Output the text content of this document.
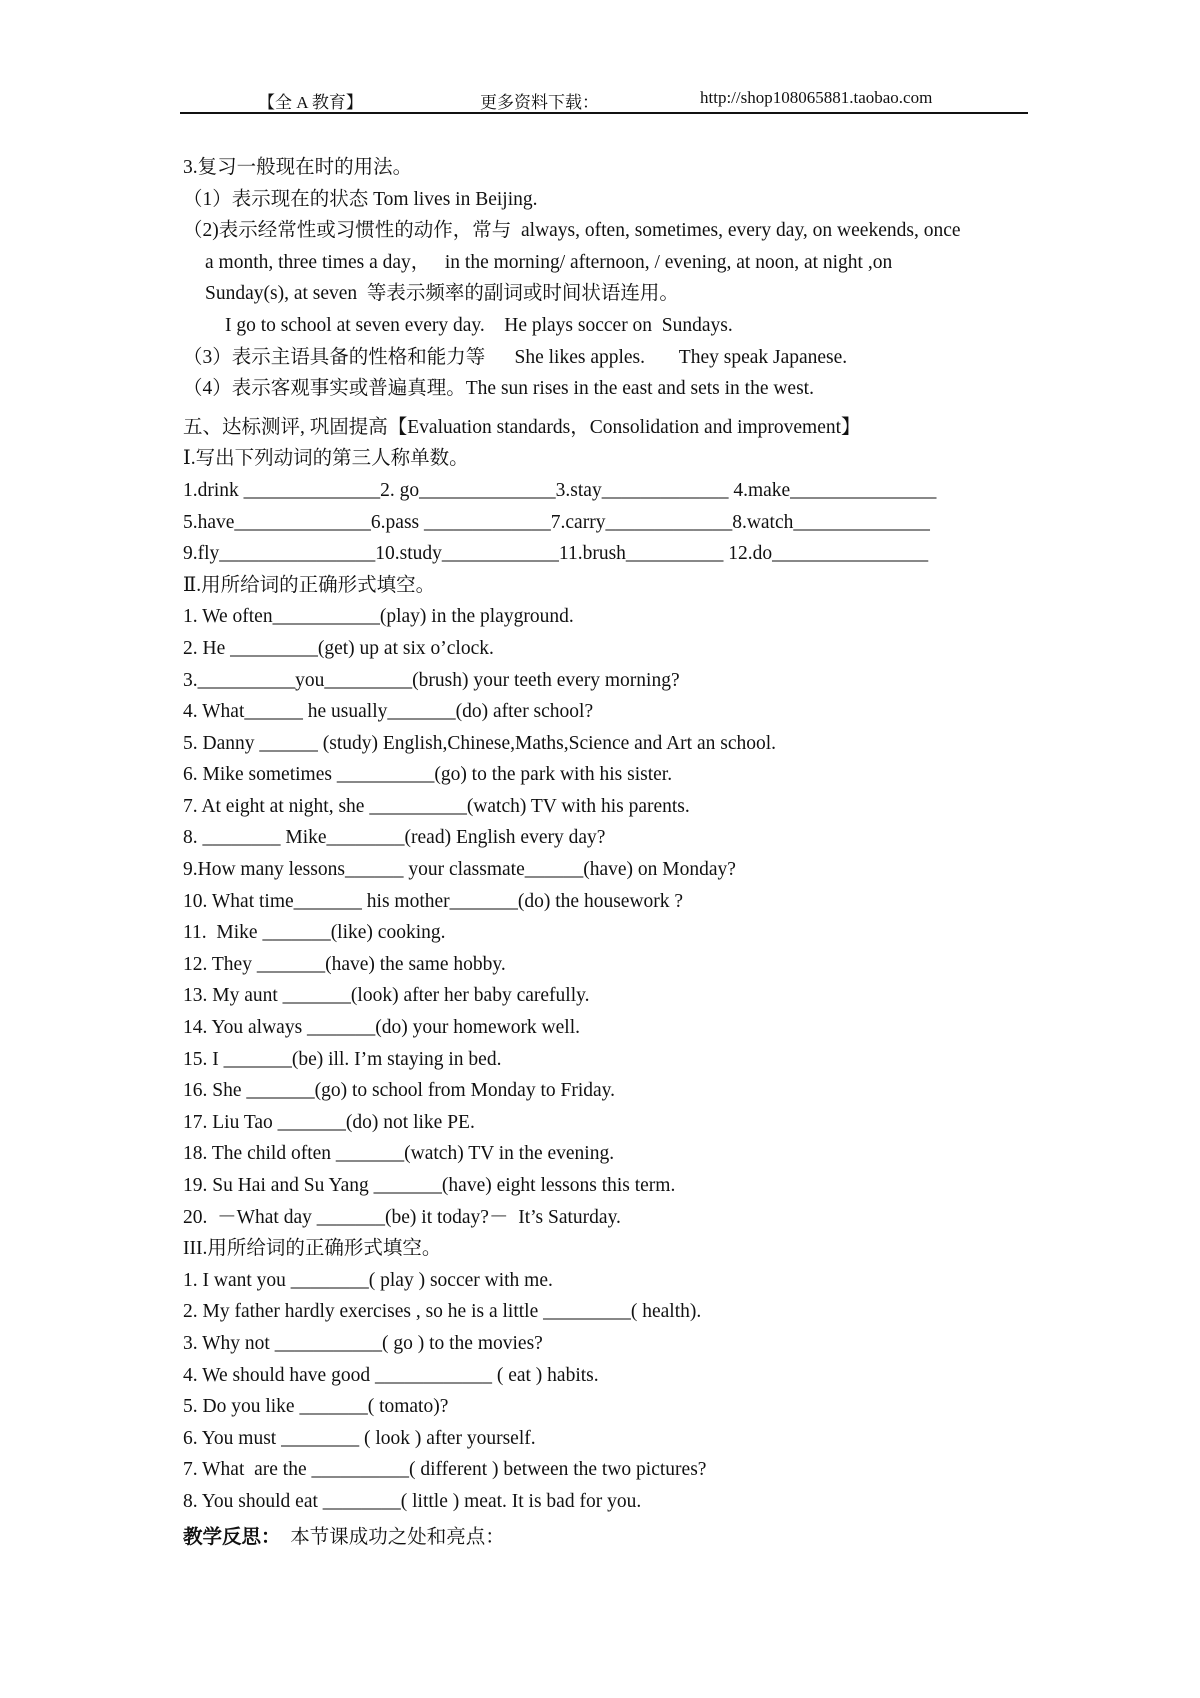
【全 A 教育】	更多资料下载：	http://shop108065881.taobao.com
3.复习一般现在时的用法。
（1）表示现在的状态 Tom lives in Beijing.
（2)表示经常性或习惯性的动作，常与  always, often, sometimes, every day, on weekends, once
a month, three times a day，   in the morning/ afternoon, / evening, at noon, at night ,on
Sunday(s), at seven  等表示频率的副词或时间状语连用。
I go to school at seven every day.    He plays soccer on  Sundays.
（3）表示主语具备的性格和能力等      She likes apples.       They speak Japanese.
（4）表示客观事实或普遍真理。The sun rises in the east and sets in the west.
五、达标测评, 巩固提高【Evaluation standards，Consolidation and improvement】
Ⅰ.写出下列动词的第三人称单数。
1.drink ______________2. go______________3.stay_____________ 4.make_______________
5.have______________6.pass _____________7.carry_____________8.watch______________
9.fly________________10.study____________11.brush__________ 12.do________________
Ⅱ.用所给词的正确形式填空。
1. We often___________(play) in the playground.
2. He _________(get) up at six o’clock.
3.__________you_________(brush) your teeth every morning?
4. What______ he usually_______(do) after school?
5. Danny ______ (study) English,Chinese,Maths,Science and Art an school.
6. Mike sometimes __________(go) to the park with his sister.
7. At eight at night, she __________(watch) TV with his parents.
8. ________ Mike________(read) English every day?
9.How many lessons______ your classmate______(have) on Monday?
10. What time_______ his mother_______(do) the housework ?
11.  Mike _______(like) cooking.
12. They _______(have) the same hobby.
13. My aunt _______(look) after her baby carefully.
14. You always _______(do) your homework well.
15. I _______(be) ill. I’m staying in bed.
16. She _______(go) to school from Monday to Friday.
17. Liu Tao _______(do) not like PE.
18. The child often _______(watch) TV in the evening.
19. Su Hai and Su Yang _______(have) eight lessons this term.
20.  －What day _______(be) it today?－  It’s Saturday.
III.用所给词的正确形式填空。
1. I want you ________( play ) soccer with me.
2. My father hardly exercises , so he is a little _________( health).
3. Why not ___________( go ) to the movies?
4. We should have good ____________ ( eat ) habits.
5. Do you like _______( tomato)?
6. You must ________ ( look ) after yourself.
7. What  are the __________( different ) between the two pictures?
8. You should eat ________( little ) meat. It is bad for you.
教学反思：  本节课成功之处和亮点：
